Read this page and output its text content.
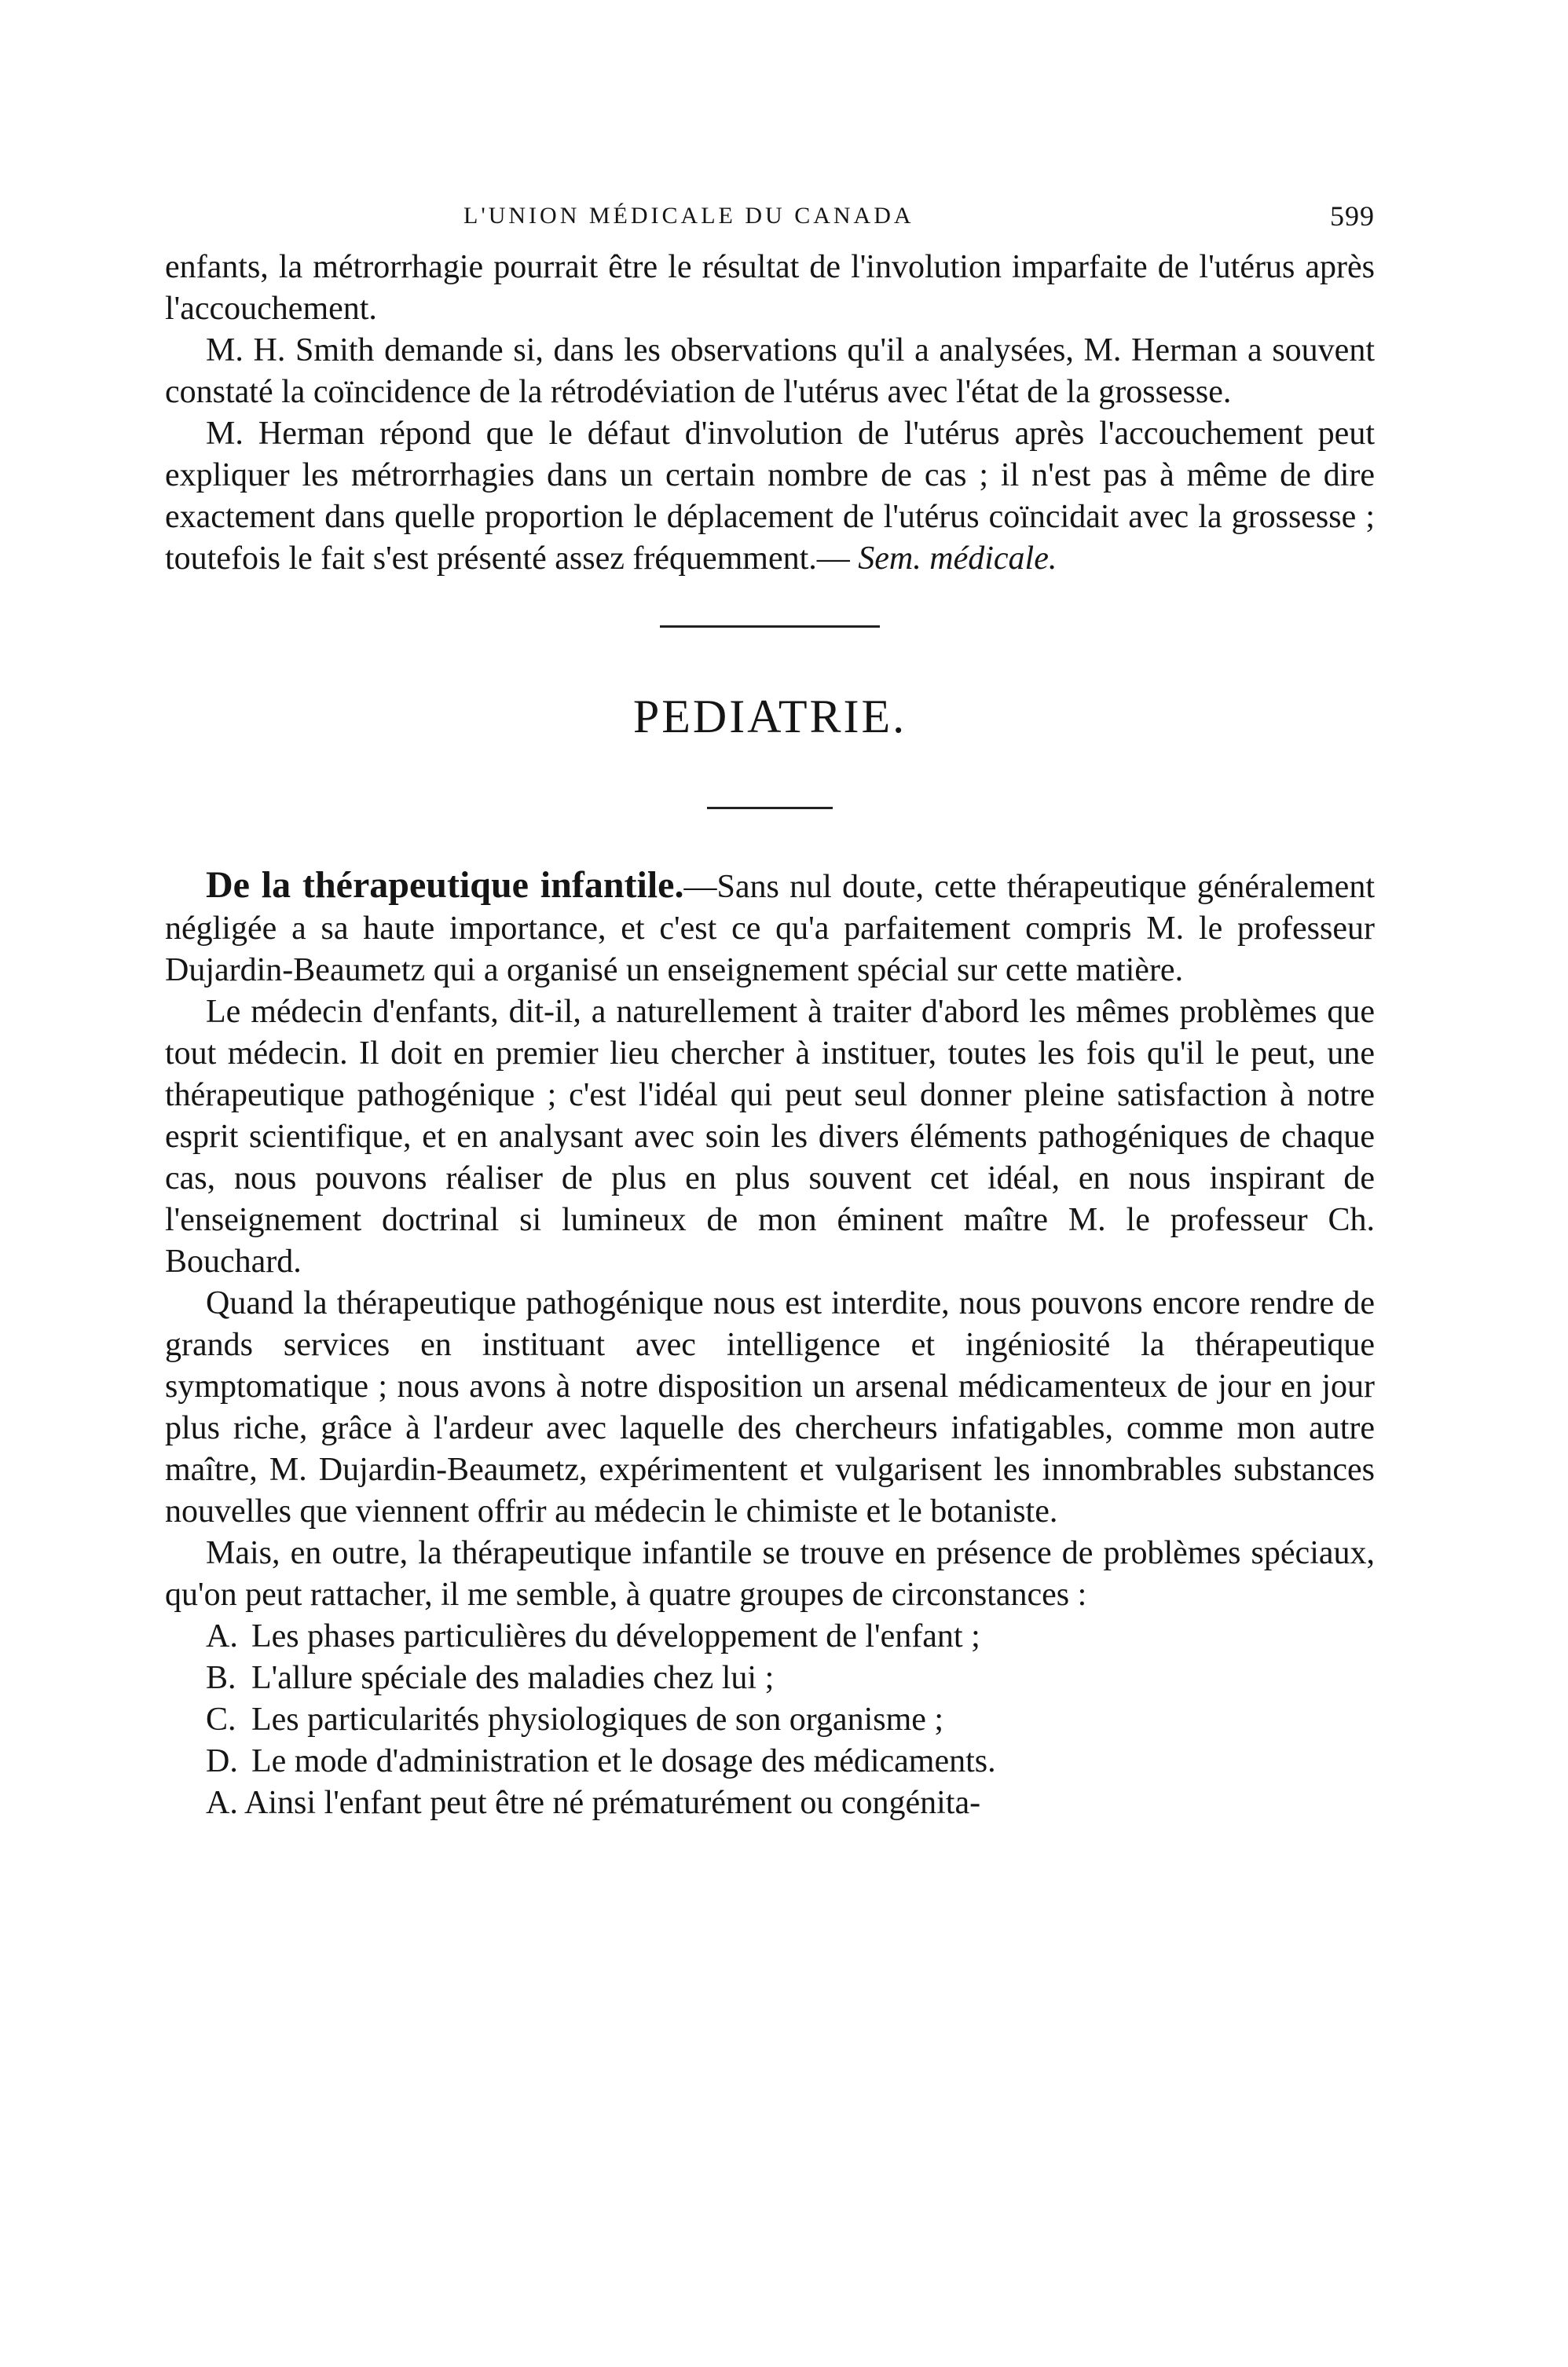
L'UNION MÉDICALE DU CANADA	599

enfants, la métrorrhagie pourrait être le résultat de l'involution imparfaite de l'utérus après l'accouchement.

M. H. Smith demande si, dans les observations qu'il a analysées, M. Herman a souvent constaté la coïncidence de la rétrodéviation de l'utérus avec l'état de la grossesse.

M. Herman répond que le défaut d'involution de l'utérus après l'accouchement peut expliquer les métrorrhagies dans un certain nombre de cas ; il n'est pas à même de dire exactement dans quelle proportion le déplacement de l'utérus coïncidait avec la grossesse ; toutefois le fait s'est présenté assez fréquemment.— Sem. médicale.

PEDIATRIE.

De la thérapeutique infantile.—Sans nul doute, cette thérapeutique généralement négligée a sa haute importance, et c'est ce qu'a parfaitement compris M. le professeur Dujardin-Beaumetz qui a organisé un enseignement spécial sur cette matière.

Le médecin d'enfants, dit-il, a naturellement à traiter d'abord les mêmes problèmes que tout médecin. Il doit en premier lieu chercher à instituer, toutes les fois qu'il le peut, une thérapeutique pathogénique ; c'est l'idéal qui peut seul donner pleine satisfaction à notre esprit scientifique, et en analysant avec soin les divers éléments pathogéniques de chaque cas, nous pouvons réaliser de plus en plus souvent cet idéal, en nous inspirant de l'enseignement doctrinal si lumineux de mon éminent maître M. le professeur Ch. Bouchard.

Quand la thérapeutique pathogénique nous est interdite, nous pouvons encore rendre de grands services en instituant avec intelligence et ingéniosité la thérapeutique symptomatique ; nous avons à notre disposition un arsenal médicamenteux de jour en jour plus riche, grâce à l'ardeur avec laquelle des chercheurs infatigables, comme mon autre maître, M. Dujardin-Beaumetz, expérimentent et vulgarisent les innombrables substances nouvelles que viennent offrir au médecin le chimiste et le botaniste.

Mais, en outre, la thérapeutique infantile se trouve en présence de problèmes spéciaux, qu'on peut rattacher, il me semble, à quatre groupes de circonstances :

A. Les phases particulières du développement de l'enfant ;
B. L'allure spéciale des maladies chez lui ;
C. Les particularités physiologiques de son organisme ;
D. Le mode d'administration et le dosage des médicaments.

A. Ainsi l'enfant peut être né prématurément ou congénita-
